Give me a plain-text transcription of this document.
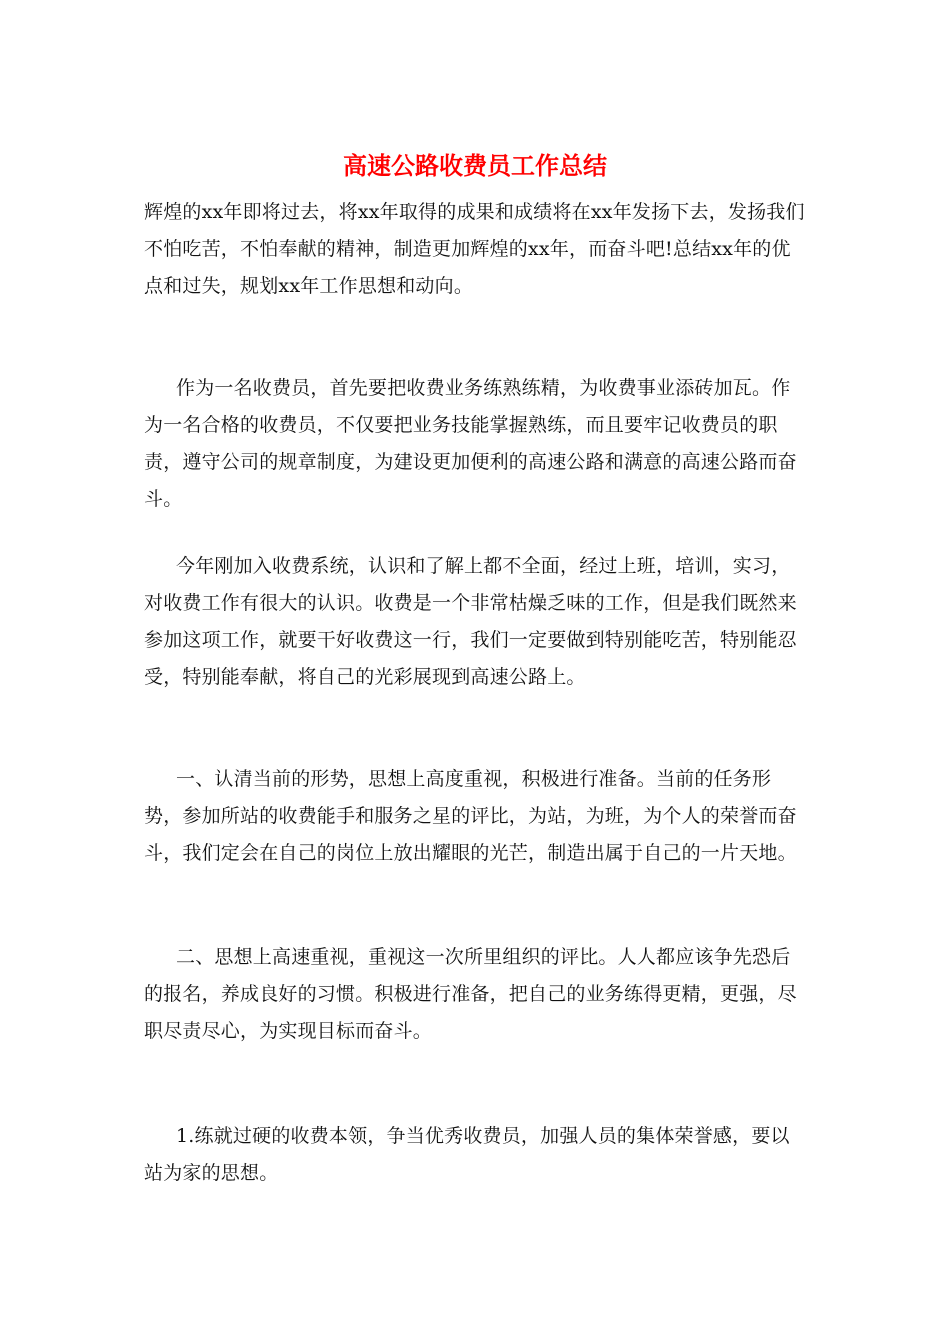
高速公路收费员工作总结

辉煌的xx年即将过去，将xx年取得的成果和成绩将在xx年发扬下去，发扬我们不怕吃苦，不怕奉献的精神，制造更加辉煌的xx年，而奋斗吧!总结xx年的优点和过失，规划xx年工作思想和动向。

作为一名收费员，首先要把收费业务练熟练精，为收费事业添砖加瓦。作为一名合格的收费员，不仅要把业务技能掌握熟练，而且要牢记收费员的职责，遵守公司的规章制度，为建设更加便利的高速公路和满意的高速公路而奋斗。

今年刚加入收费系统，认识和了解上都不全面，经过上班，培训，实习，对收费工作有很大的认识。收费是一个非常枯燥乏味的工作，但是我们既然来参加这项工作，就要干好收费这一行，我们一定要做到特别能吃苦，特别能忍受，特别能奉献，将自己的光彩展现到高速公路上。

一、认清当前的形势，思想上高度重视，积极进行准备。当前的任务形势，参加所站的收费能手和服务之星的评比，为站，为班，为个人的荣誉而奋斗，我们定会在自己的岗位上放出耀眼的光芒，制造出属于自己的一片天地。

二、思想上高速重视，重视这一次所里组织的评比。人人都应该争先恐后的报名，养成良好的习惯。积极进行准备，把自己的业务练得更精，更强，尽职尽责尽心，为实现目标而奋斗。

1.练就过硬的收费本领，争当优秀收费员，加强人员的集体荣誉感，要以站为家的思想。
